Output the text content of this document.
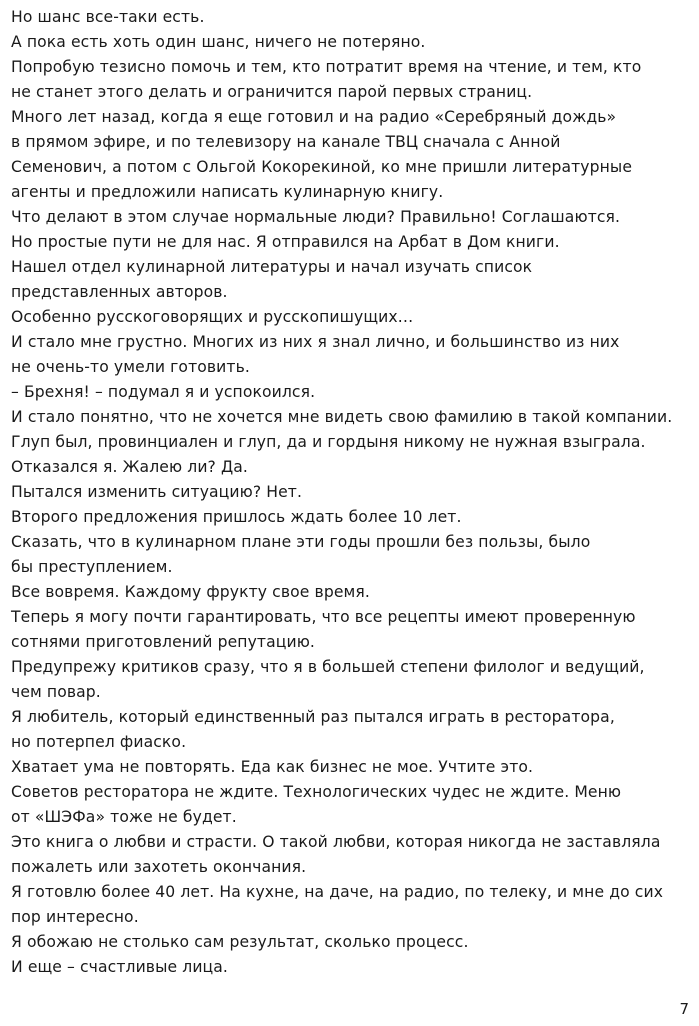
Но шанс все-таки есть.
А пока есть хоть один шанс, ничего не потеряно.
Попробую тезисно помочь и тем, кто потратит время на чтение, и тем, кто
не станет этого делать и ограничится парой первых страниц.
Много лет назад, когда я еще готовил и на радио «Серебряный дождь»
в прямом эфире, и по телевизору на канале ТВЦ сначала с Анной
Семенович, а потом с Ольгой Кокорекиной, ко мне пришли литературные
агенты и предложили написать кулинарную книгу.
Что делают в этом случае нормальные люди? Правильно! Соглашаются.
Но простые пути не для нас. Я отправился на Арбат в Дом книги.
Нашел отдел кулинарной литературы и начал изучать список
представленных авторов.
Особенно русскоговорящих и русскопишущих…
И стало мне грустно. Многих из них я знал лично, и большинство из них
не очень-то умели готовить.
– Брехня! – подумал я и успокоился.
И стало понятно, что не хочется мне видеть свою фамилию в такой компании.
Глуп был, провинциален и глуп, да и гордыня никому не нужная взыграла.
Отказался я. Жалею ли? Да.
Пытался изменить ситуацию? Нет.
Второго предложения пришлось ждать более 10 лет.
Сказать, что в кулинарном плане эти годы прошли без пользы, было
бы преступлением.
Все вовремя. Каждому фрукту свое время.
Теперь я могу почти гарантировать, что все рецепты имеют проверенную
сотнями приготовлений репутацию.
Предупрежу критиков сразу, что я в большей степени филолог и ведущий,
чем повар.
Я любитель, который единственный раз пытался играть в ресторатора,
но потерпел фиаско.
Хватает ума не повторять. Еда как бизнес не мое. Учтите это.
Советов ресторатора не ждите. Технологических чудес не ждите. Меню
от «ШЭФа» тоже не будет.
Это книга о любви и страсти. О такой любви, которая никогда не заставляла
пожалеть или захотеть окончания.
Я готовлю более 40 лет. На кухне, на даче, на радио, по телеку, и мне до сих
пор интересно.
Я обожаю не столько сам результат, сколько процесс.
И еще – счастливые лица.
7
